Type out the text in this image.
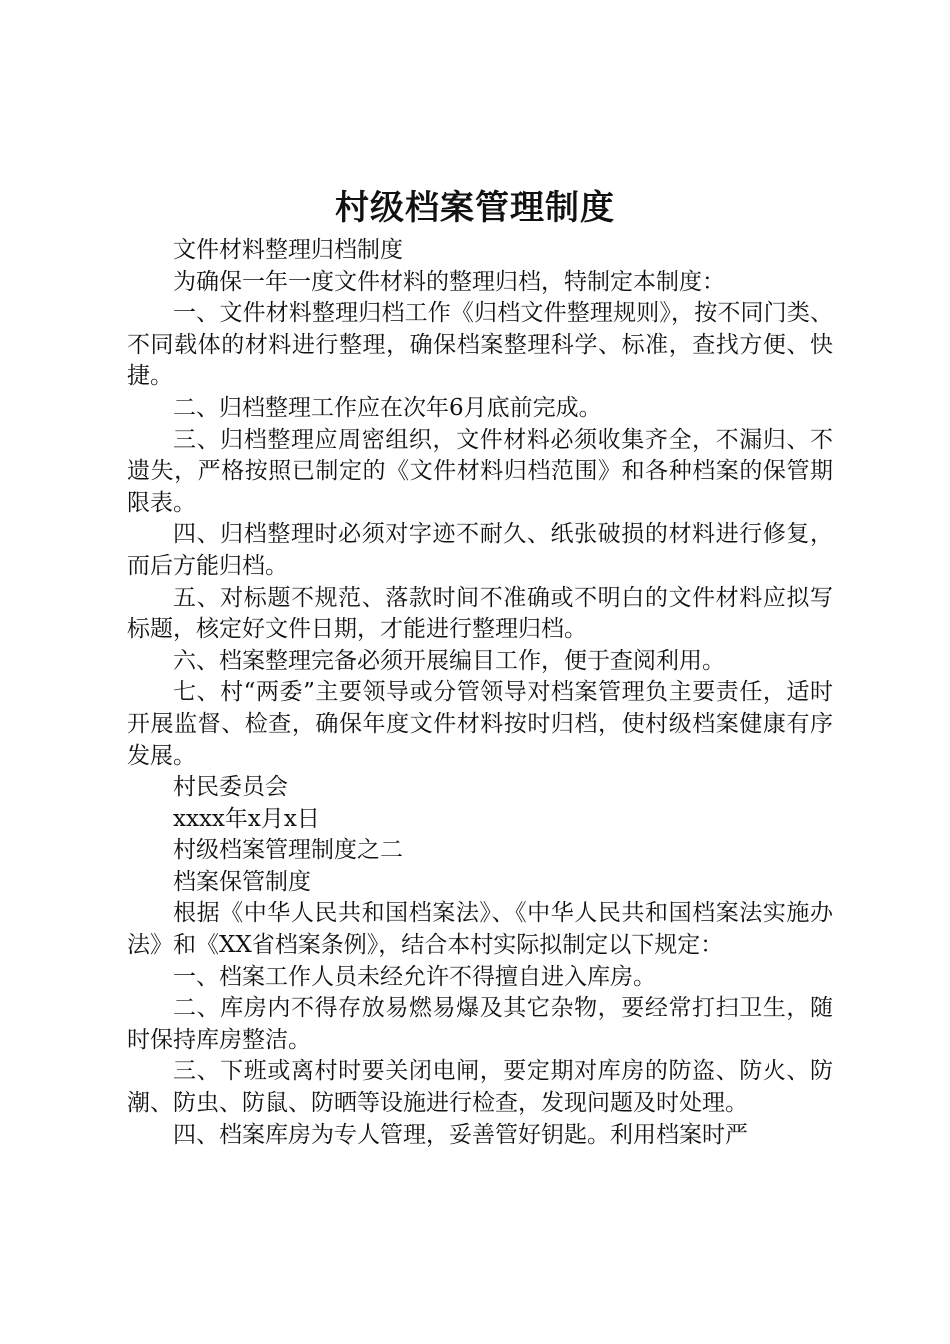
村级档案管理制度

文件材料整理归档制度

为确保一年一度文件材料的整理归档，特制定本制度：

一、文件材料整理归档工作《归档文件整理规则》，按不同门类、不同载体的材料进行整理，确保档案整理科学、标准，查找方便、快捷。

二、归档整理工作应在次年6月底前完成。

三、归档整理应周密组织，文件材料必须收集齐全，不漏归、不遗失，严格按照已制定的《文件材料归档范围》和各种档案的保管期限表。

四、归档整理时必须对字迹不耐久、纸张破损的材料进行修复，而后方能归档。

五、对标题不规范、落款时间不准确或不明白的文件材料应拟写标题，核定好文件日期，才能进行整理归档。

六、档案整理完备必须开展编目工作，便于查阅利用。

七、村“两委”主要领导或分管领导对档案管理负主要责任，适时开展监督、检查，确保年度文件材料按时归档，使村级档案健康有序发展。

村民委员会

xxxx年x月x日

村级档案管理制度之二

档案保管制度

根据《中华人民共和国档案法》、《中华人民共和国档案法实施办法》和《XX省档案条例》，结合本村实际拟制定以下规定：

一、档案工作人员未经允许不得擅自进入库房。

二、库房内不得存放易燃易爆及其它杂物，要经常打扫卫生，随时保持库房整洁。

三、下班或离村时要关闭电闸，要定期对库房的防盗、防火、防潮、防虫、防鼠、防晒等设施进行检查，发现问题及时处理。

四、档案库房为专人管理，妥善管好钥匙。利用档案时严
